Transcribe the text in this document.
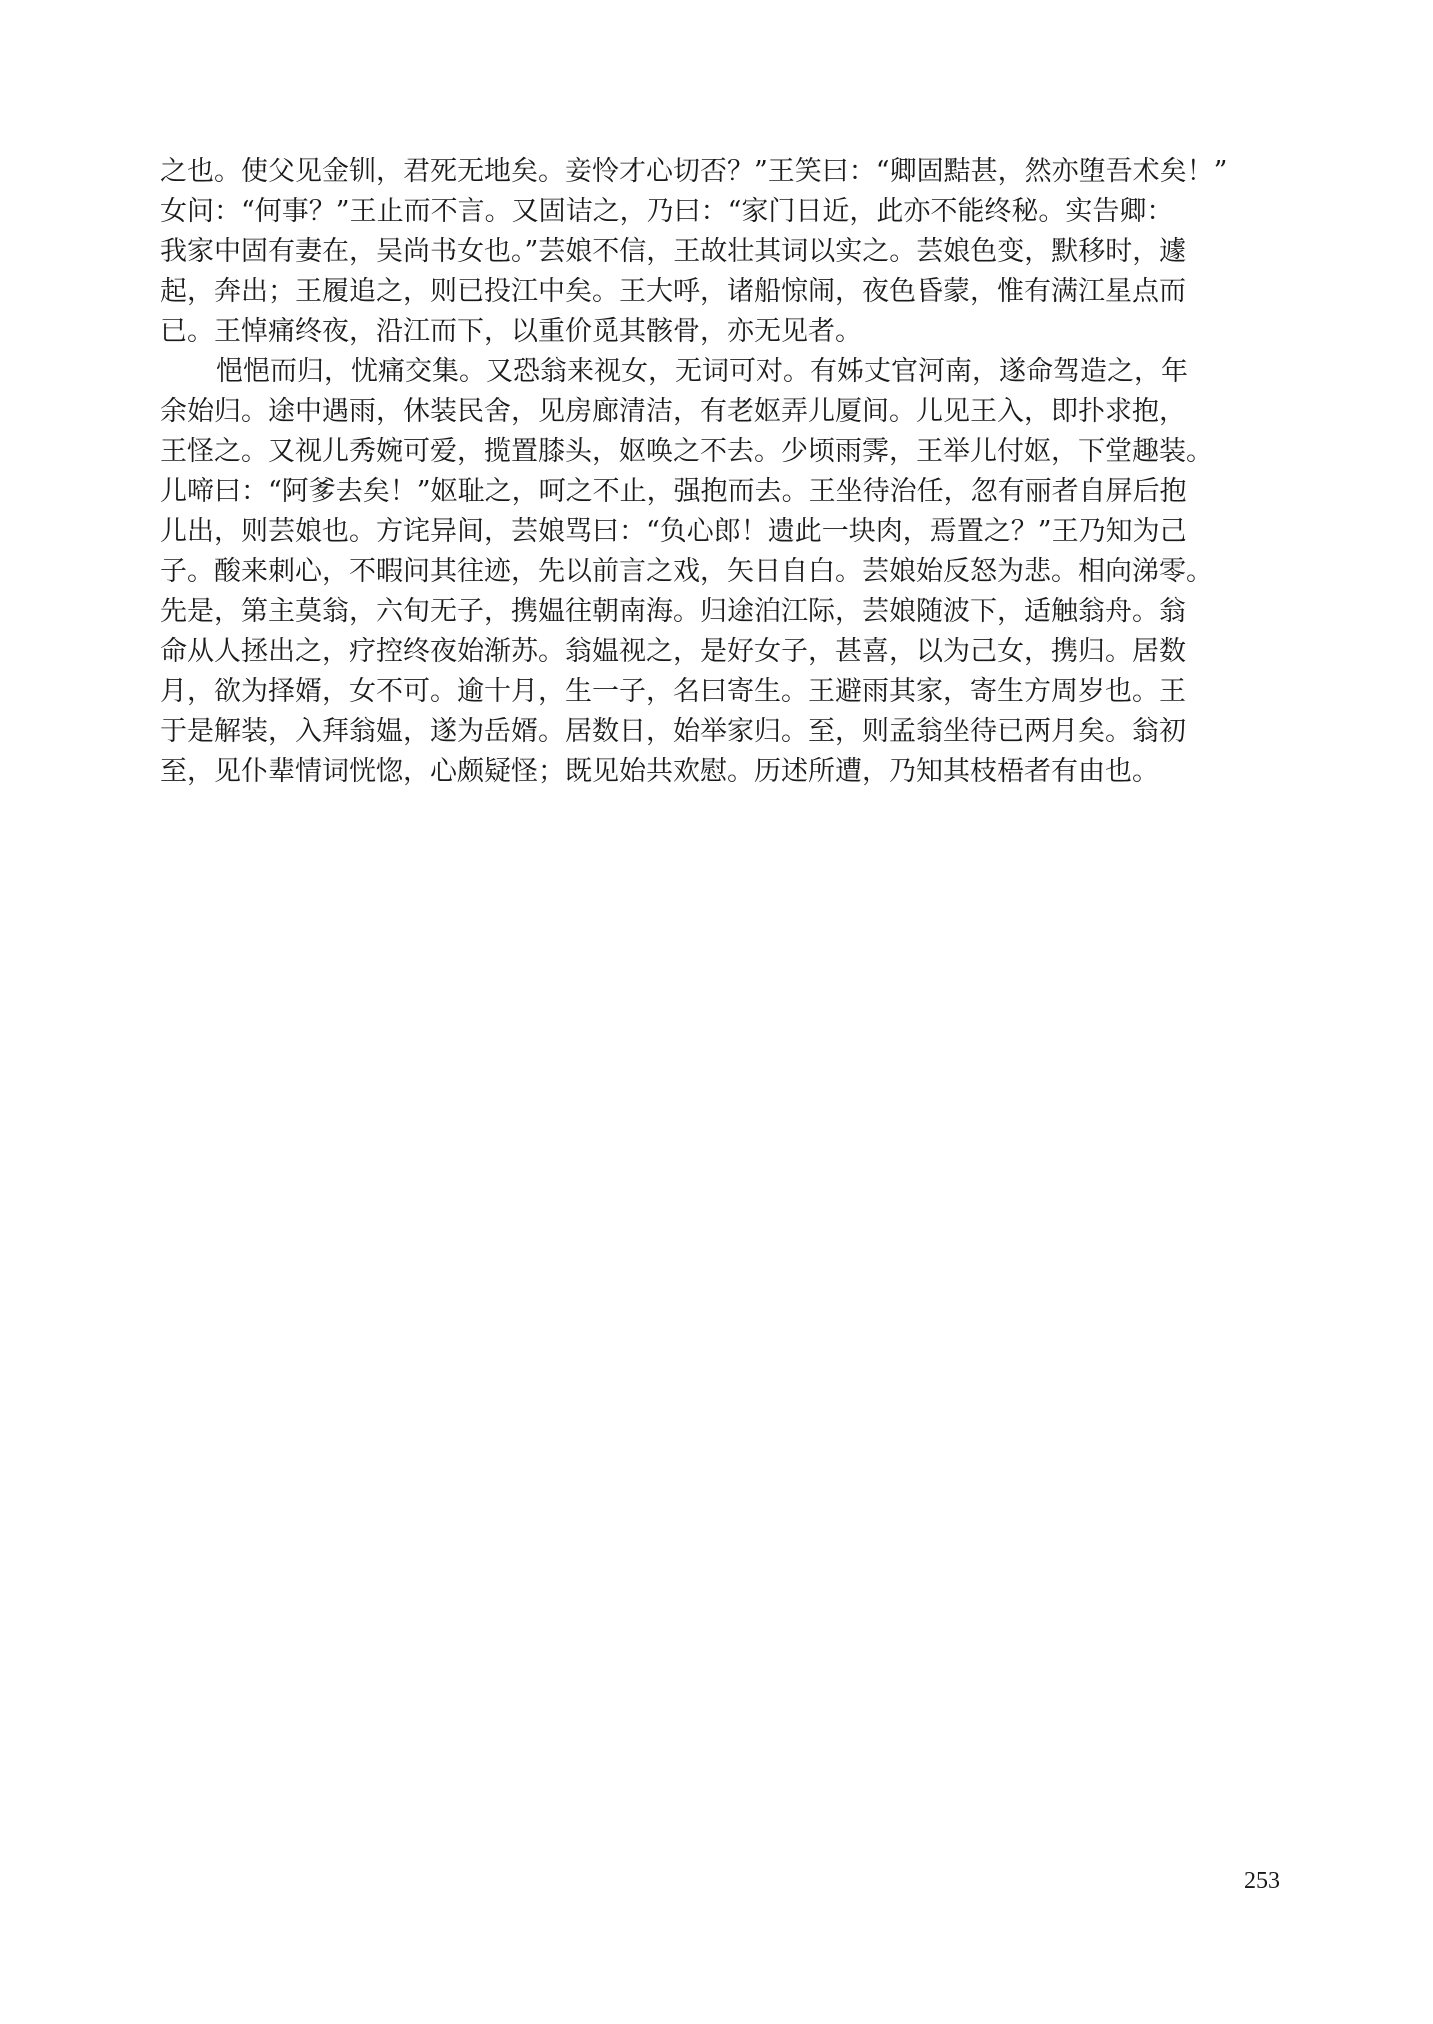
之也。使父见金钏，君死无地矣。妾怜才心切否？”王笑曰：“卿固黠甚，然亦堕吾术矣！”
女问：“何事？”王止而不言。又固诘之，乃曰：“家门日近，此亦不能终秘。实告卿：
我家中固有妻在，吴尚书女也。”芸娘不信，王故壮其词以实之。芸娘色变，默移时，遽
起，奔出；王履追之，则已投江中矣。王大呼，诸船惊闹，夜色昏蒙，惟有满江星点而
已。王悼痛终夜，沿江而下，以重价觅其骸骨，亦无见者。
悒悒而归，忧痛交集。又恐翁来视女，无词可对。有姊丈官河南，遂命驾造之，年
余始归。途中遇雨，休装民舍，见房廊清洁，有老妪弄儿厦间。儿见王入，即扑求抱，
王怪之。又视儿秀婉可爱，揽置膝头，妪唤之不去。少顷雨霁，王举儿付妪，下堂趣装。
儿啼曰：“阿爹去矣！”妪耻之，呵之不止，强抱而去。王坐待治任，忽有丽者自屏后抱
儿出，则芸娘也。方诧异间，芸娘骂曰：“负心郎！遗此一块肉，焉置之？”王乃知为己
子。酸来刺心，不暇问其往迹，先以前言之戏，矢日自白。芸娘始反怒为悲。相向涕零。
先是，第主莫翁，六旬无子，携媪往朝南海。归途泊江际，芸娘随波下，适触翁舟。翁
命从人拯出之，疗控终夜始渐苏。翁媪视之，是好女子，甚喜，以为己女，携归。居数
月，欲为择婿，女不可。逾十月，生一子，名曰寄生。王避雨其家，寄生方周岁也。王
于是解装，入拜翁媪，遂为岳婿。居数日，始举家归。至，则孟翁坐待已两月矣。翁初
至，见仆辈情词恍惚，心颇疑怪；既见始共欢慰。历述所遭，乃知其枝梧者有由也。
253
